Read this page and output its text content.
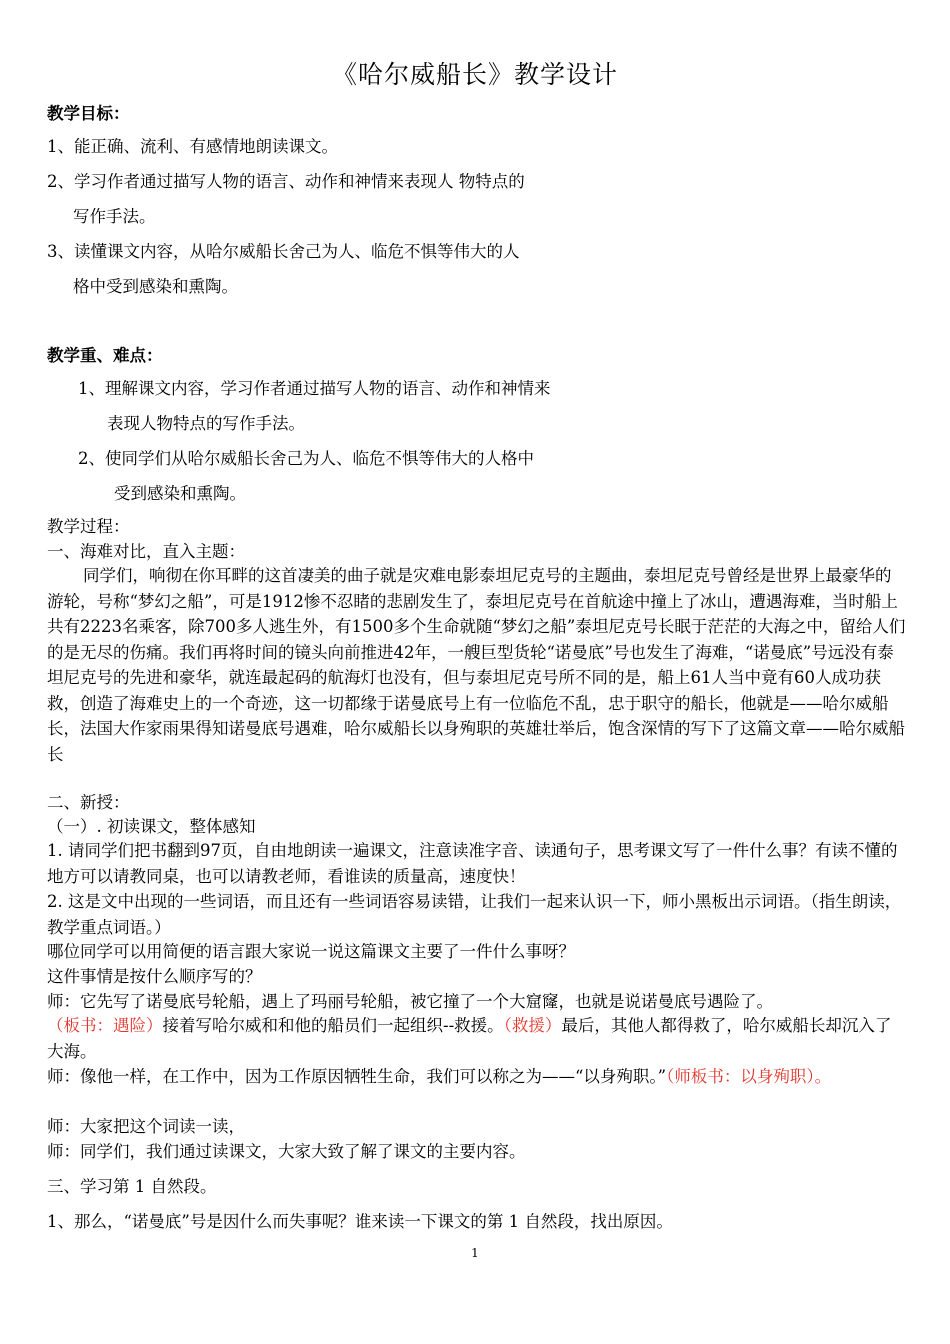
《哈尔威船长》教学设计
教学目标：
1、能正确、流利、有感情地朗读课文。
2、学习作者通过描写人物的语言、动作和神情来表现人 物特点的
写作手法。
3、读懂课文内容，从哈尔威船长舍己为人、临危不惧等伟大的人
格中受到感染和熏陶。
教学重、难点：
1、理解课文内容，学习作者通过描写人物的语言、动作和神情来
表现人物特点的写作手法。
2、使同学们从哈尔威船长舍己为人、临危不惧等伟大的人格中
受到感染和熏陶。
教学过程：
一、海难对比，直入主题：
同学们，响彻在你耳畔的这首凄美的曲子就是灾难电影泰坦尼克号的主题曲，泰坦尼克号曾经是世界上最豪华的游轮，号称“梦幻之船”，可是1912惨不忍睹的悲剧发生了，泰坦尼克号在首航途中撞上了冰山，遭遇海难，当时船上共有2223名乘客，除700多人逃生外，有1500多个生命就随“梦幻之船”泰坦尼克号长眠于茫茫的大海之中，留给人们的是无尽的伤痛。我们再将时间的镜头向前推进42年，一艘巨型货轮“诺曼底”号也发生了海难，“诺曼底”号远没有泰坦尼克号的先进和豪华，就连最起码的航海灯也没有，但与泰坦尼克号所不同的是，船上61人当中竟有60人成功获救，创造了海难史上的一个奇迹，这一切都缘于诺曼底号上有一位临危不乱，忠于职守的船长，他就是——哈尔威船长，法国大作家雨果得知诺曼底号遇难，哈尔威船长以身殉职的英雄壮举后，饱含深情的写下了这篇文章——哈尔威船长
二、新授：
（一）. 初读课文，整体感知
1. 请同学们把书翻到97页，自由地朗读一遍课文，注意读准字音、读通句子，思考课文写了一件什么事？有读不懂的地方可以请教同桌，也可以请教老师，看谁读的质量高，速度快！
2. 这是文中出现的一些词语，而且还有一些词语容易读错，让我们一起来认识一下，师小黑板出示词语。（指生朗读，教学重点词语。）
哪位同学可以用简便的语言跟大家说一说这篇课文主要了一件什么事呀？
这件事情是按什么顺序写的？
师：它先写了诺曼底号轮船，遇上了玛丽号轮船，被它撞了一个大窟窿，也就是说诺曼底号遇险了。
（板书：遇险）接着写哈尔威和和他的船员们一起组织--救援。（救援）最后，其他人都得救了，哈尔威船长却沉入了大海。
师：像他一样，在工作中，因为工作原因牺牲生命，我们可以称之为——“以身殉职。”（师板书：以身殉职）。
师：大家把这个词读一读，
师：同学们，我们通过读课文，大家大致了解了课文的主要内容。
三、学习第 1 自然段。
1、那么，“诺曼底”号是因什么而失事呢？谁来读一下课文的第 1 自然段，找出原因。
1
